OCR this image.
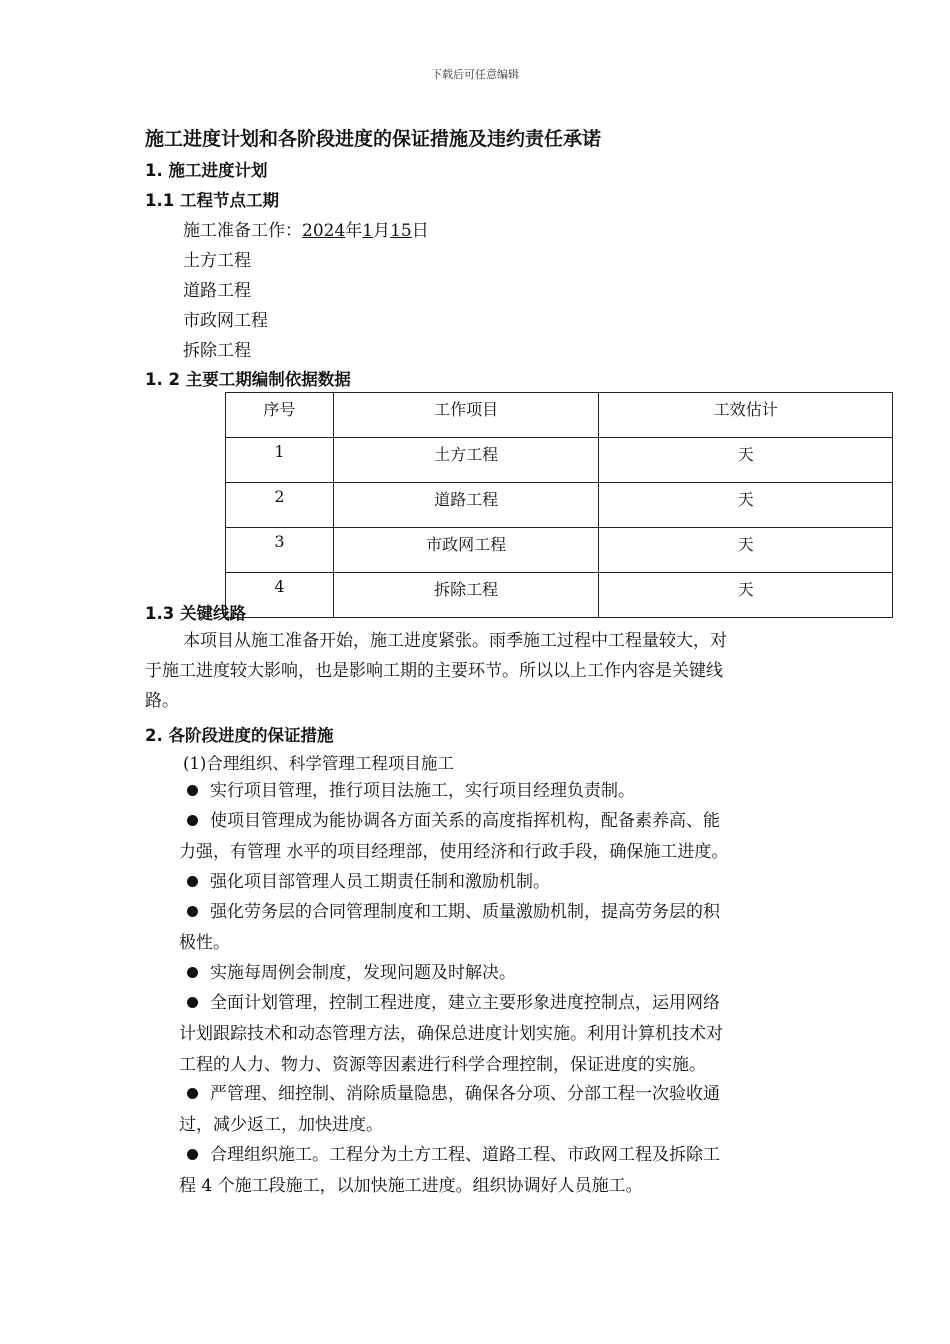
下载后可任意编辑
施工进度计划和各阶段进度的保证措施及违约责任承诺
1. 施工进度计划
1.1 工程节点工期
施工准备工作：2024年1月15日
土方工程
道路工程
市政网工程
拆除工程
1. 2 主要工期编制依据数据
序号	工作项目	工效估计
1	土方工程	天
2	道路工程	天
3	市政网工程	天
4	拆除工程	天
1.3 关键线路
本项目从施工准备开始，施工进度紧张。雨季施工过程中工程量较大，对
于施工进度较大影响，也是影响工期的主要环节。所以以上工作内容是关键线
路。
2. 各阶段进度的保证措施
(1)合理组织、科学管理工程项目施工
实行项目管理，推行项目法施工，实行项目经理负责制。
使项目管理成为能协调各方面关系的高度指挥机构，配备素养高、能
力强，有管理 水平的项目经理部，使用经济和行政手段，确保施工进度。
强化项目部管理人员工期责任制和激励机制。
强化劳务层的合同管理制度和工期、质量激励机制，提高劳务层的积
极性。
实施每周例会制度，发现问题及时解决。
全面计划管理，控制工程进度，建立主要形象进度控制点，运用网络
计划跟踪技术和动态管理方法，确保总进度计划实施。利用计算机技术对
工程的人力、物力、资源等因素进行科学合理控制，保证进度的实施。
严管理、细控制、消除质量隐患，确保各分项、分部工程一次验收通
过，减少返工，加快进度。
合理组织施工。工程分为土方工程、道路工程、市政网工程及拆除工
程 4 个施工段施工，以加快施工进度。组织协调好人员施工。
